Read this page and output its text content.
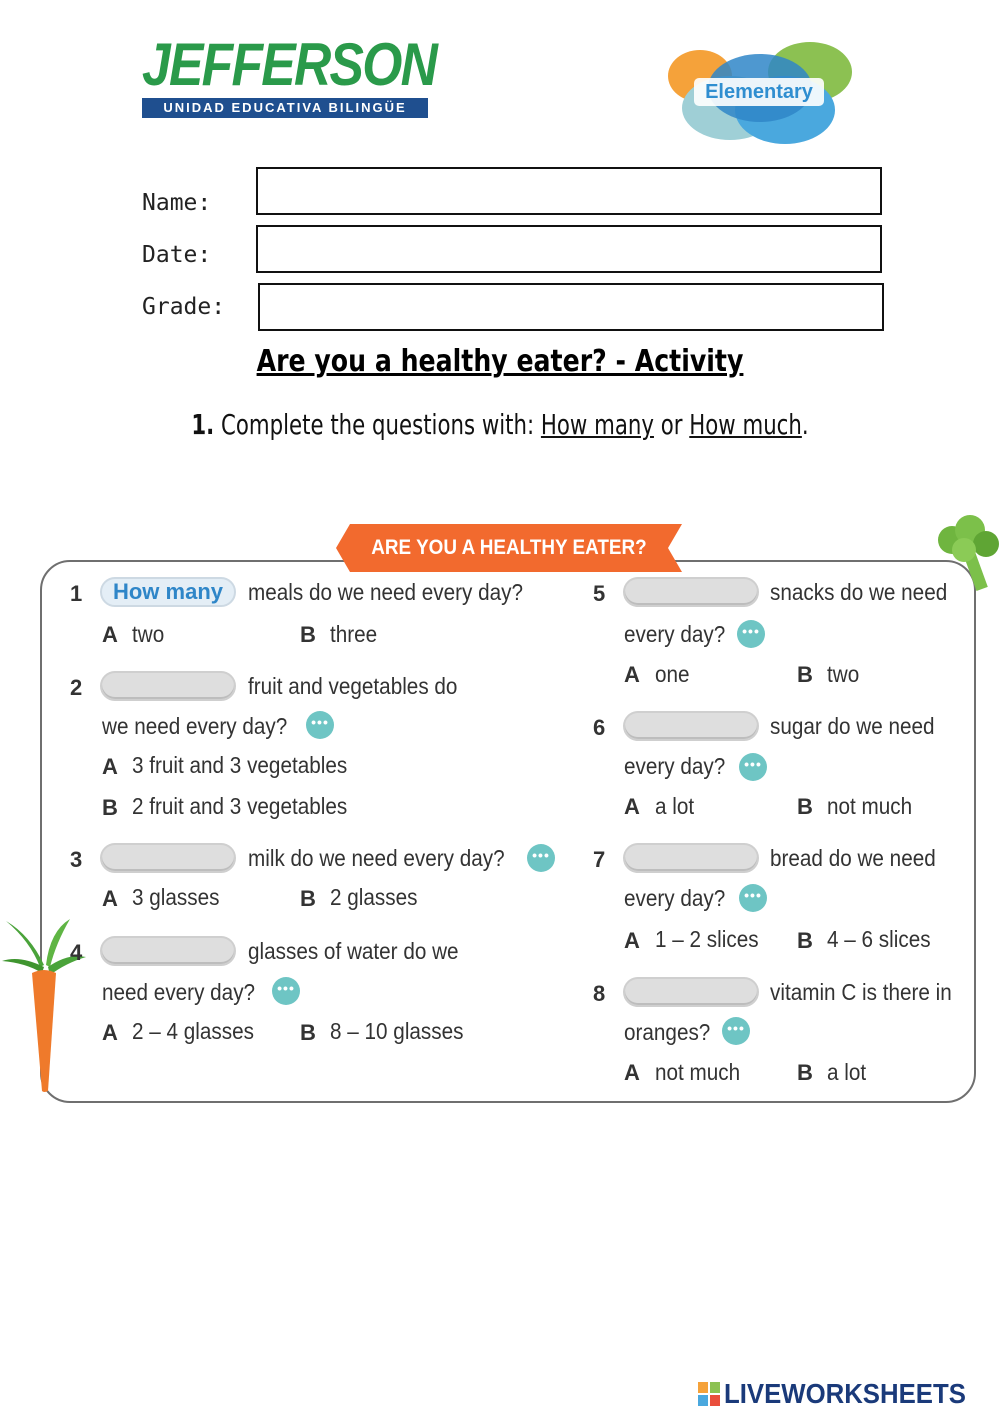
JEFFERSON
UNIDAD EDUCATIVA BILINGÜE
Elementary
Name:
Date:
Grade:
Are you a healthy eater? - Activity
1. Complete the questions with: How many or How much.
ARE YOU A HEALTHY EATER?
1	How many	meals do we need every day?
A two	B three
2	fruit and vegetables do
we need every day?	•••
A 3 fruit and 3 vegetables
B 2 fruit and 3 vegetables
3	milk do we need every day?	•••
A 3 glasses	B 2 glasses
4	glasses of water do we
need every day?	•••
A 2 – 4 glasses B 8 – 10 glasses
5	snacks do we need
every day?	•••
A one	B two
6	sugar do we need
every day?	•••
A a lot	B not much
7	bread do we need
every day?	•••
A 1 – 2 slices B 4 – 6 slices
8	vitamin C is there in
oranges?	•••
A not much	B a lot
LIVEWORKSHEETS
